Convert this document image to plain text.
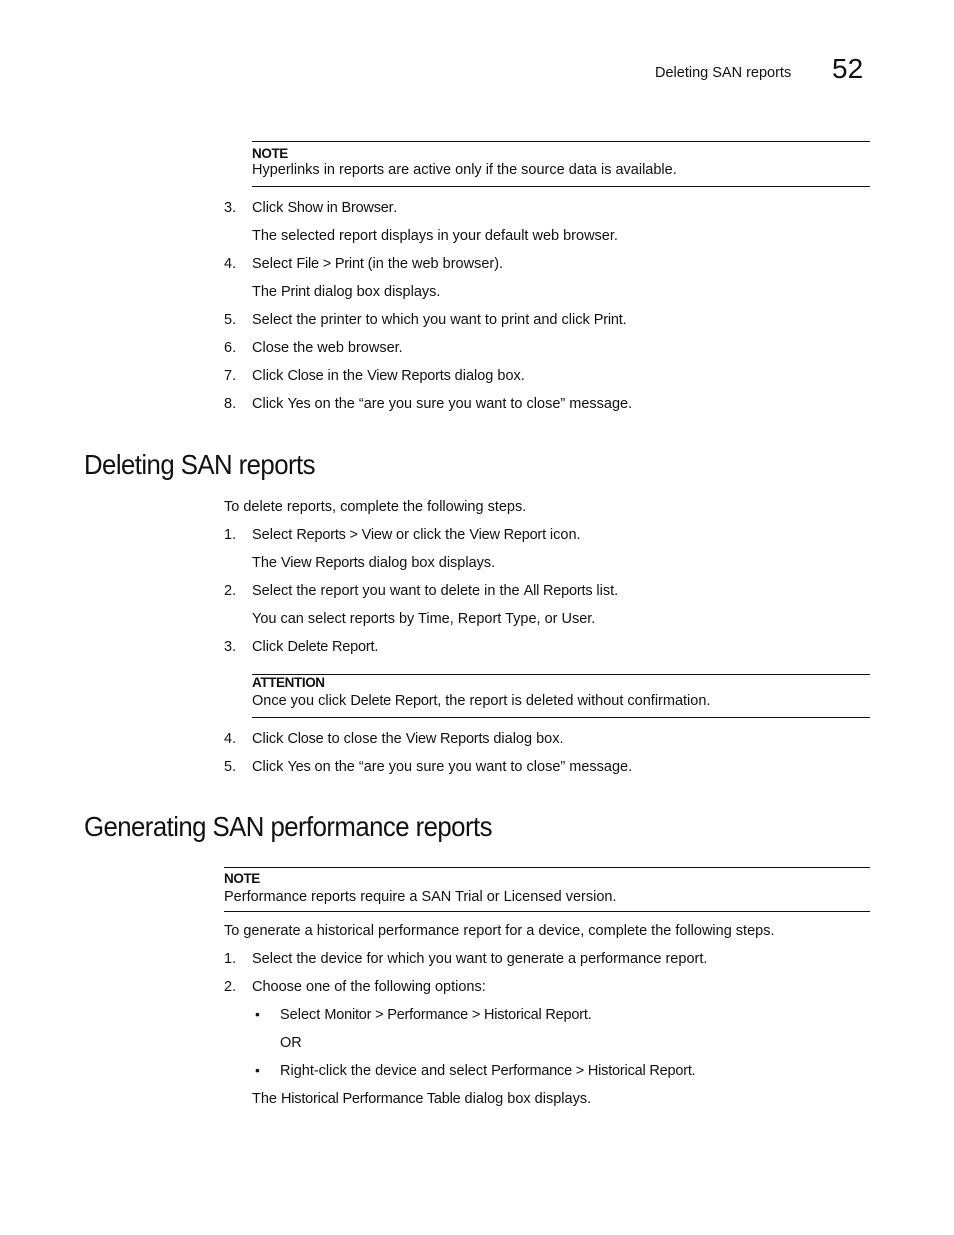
Deleting SAN reports 52
NOTE
Hyperlinks in reports are active only if the source data is available.
3. Click Show in Browser.
The selected report displays in your default web browser.
4. Select File > Print (in the web browser).
The Print dialog box displays.
5. Select the printer to which you want to print and click Print.
6. Close the web browser.
7. Click Close in the View Reports dialog box.
8. Click Yes on the “are you sure you want to close” message.
Deleting SAN reports
To delete reports, complete the following steps.
1. Select Reports > View or click the View Report icon.
The View Reports dialog box displays.
2. Select the report you want to delete in the All Reports list.
You can select reports by Time, Report Type, or User.
3. Click Delete Report.
ATTENTION
Once you click Delete Report, the report is deleted without confirmation.
4. Click Close to close the View Reports dialog box.
5. Click Yes on the “are you sure you want to close” message.
Generating SAN performance reports
NOTE
Performance reports require a SAN Trial or Licensed version.
To generate a historical performance report for a device, complete the following steps.
1. Select the device for which you want to generate a performance report.
2. Choose one of the following options:
• Select Monitor > Performance > Historical Report.
OR
• Right-click the device and select Performance > Historical Report.
The Historical Performance Table dialog box displays.
